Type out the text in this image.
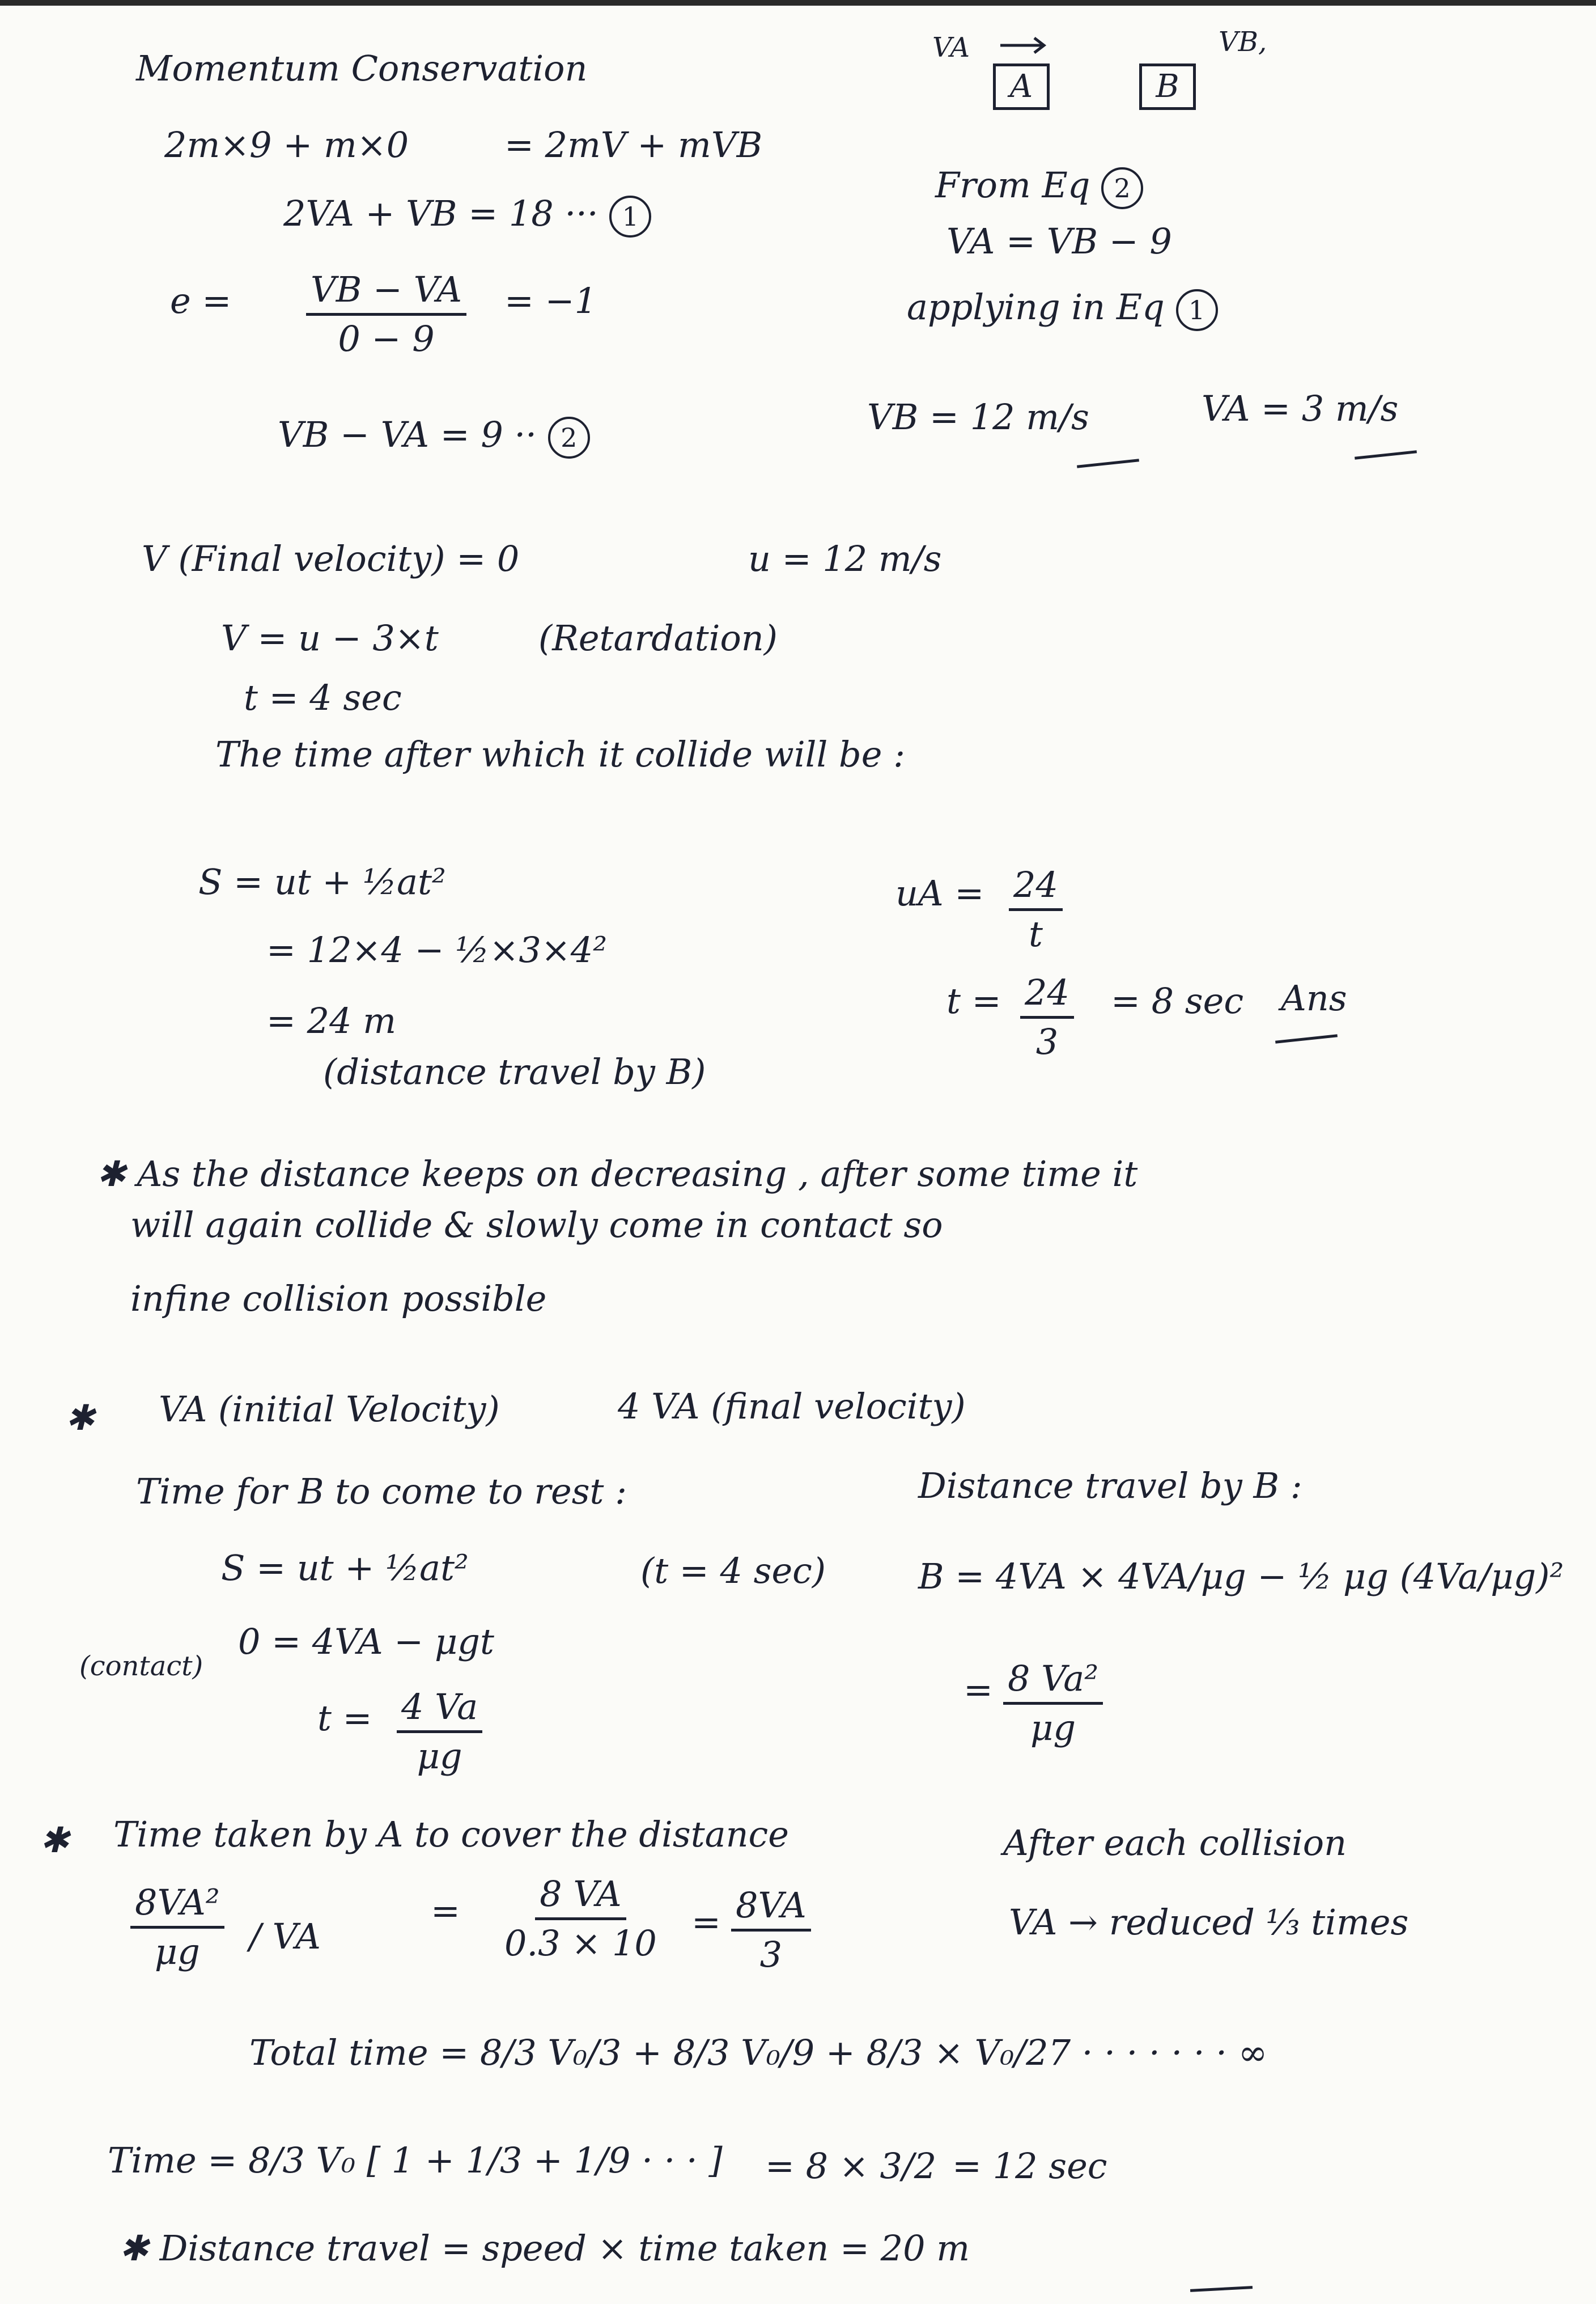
VA
A	B
VB,
Momentum Conservation
2m×9 + m×0	= 2mV + mVB
2VA + VB = 18 ··· 1
$e = \frac{VB - VA}{0 - 9} = -1$
VB − VA = 9 ·· 2
From Eq 2
VA = VB − 9
applying in Eq 1
VB = 12 m/s	VA = 3 m/s
V (Final velocity) = 0	u = 12 m/s
V = u − 3×t	(Retardation)
t = 4 sec
The time after which it collide will be :
S = ut + ½at²
= 12×4 − ½×3×4²
= 24 m
(distance travel by B)
uA = $\frac{24}{t}$
$t = \frac{24}{3} = 8$ sec Ans
✱ As the distance keeps on decreasing , after some time it
will again collide & slowly come in contact so
infine collision possible
✱ VA (initial Velocity)	4 VA (final velocity)
Time for B to come to rest :	Distance travel by B :
S = ut + ½at²	(t = 4 sec)
(contact)
0 = 4VA − μgt
$t = \frac{4 Va}{\mu g}$
B = 4VA × 4VA/μg − ½ μg (4Va/μg)²
= $\frac{\text{8 Va²}}{\mu g}$
✱ Time taken by A to cover the distance	After each collision
VA → reduced ⅓ times
$\frac{\text{8VA²}}{\mu g}$ / VA
= $\frac{8 VA}{0.3 \times 10} = \frac{8VA}{3}$
Total time = 8/3 V₀/3 + 8/3 V₀/9 + 8/3 × V₀/27 · · · · · · · ∞
Time = 8/3 V₀ [ 1 + 1/3 + 1/9 · · · ] = 8 × 3/2 = 12 sec
✱ Distance travel = speed × time taken = 20 m
